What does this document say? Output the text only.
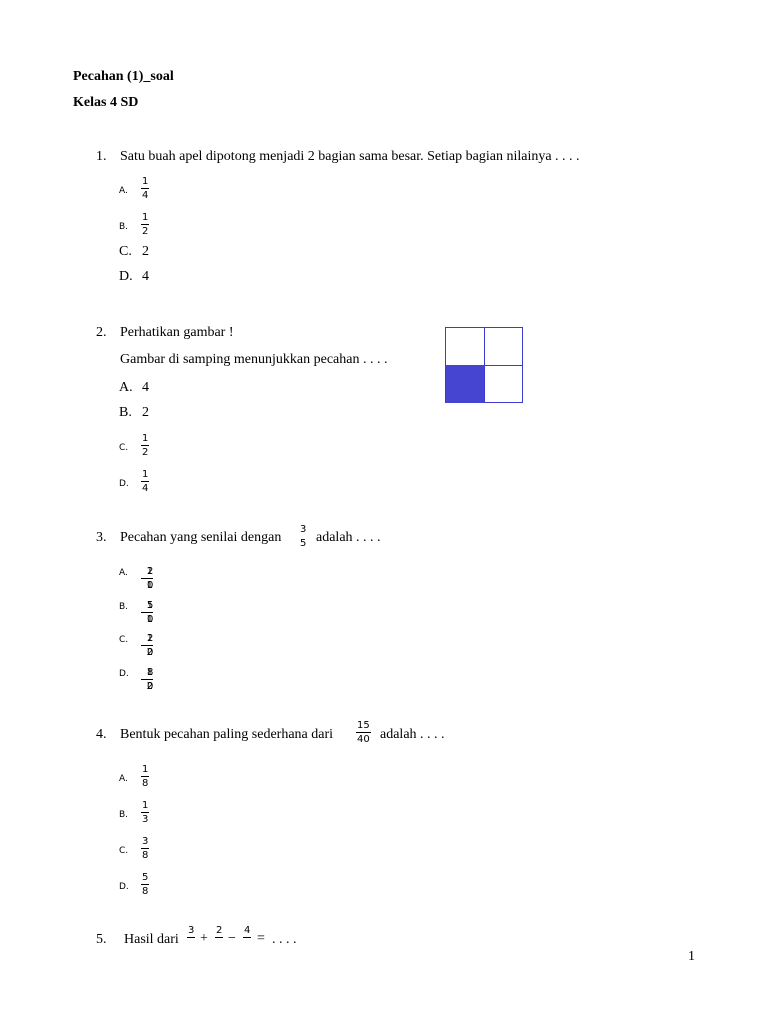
Pecahan (1)_soal
Kelas 4 SD
1. Satu buah apel dipotong menjadi 2 bagian sama besar. Setiap bagian nilainya . . . .
A.
1
4
B.
1
2
C. 2
D. 4
2. Perhatikan gambar !
Gambar di samping menunjukkan pecahan . . . .
A. 4
B. 2
C.
1
2
D.
1
4
3. Pecahan yang senilai dengan
3
5 adalah . . . .
A. 12
10
B. 15
10
C. 12
20
D. 18
20
4. Bentuk pecahan paling sederhana dari
15
40 adalah . . . .
A.
1
8
B.
1
3
C.
3
8
D.
5
8
5. Hasil dari
3
+
2
−
4
= . . . .
1
